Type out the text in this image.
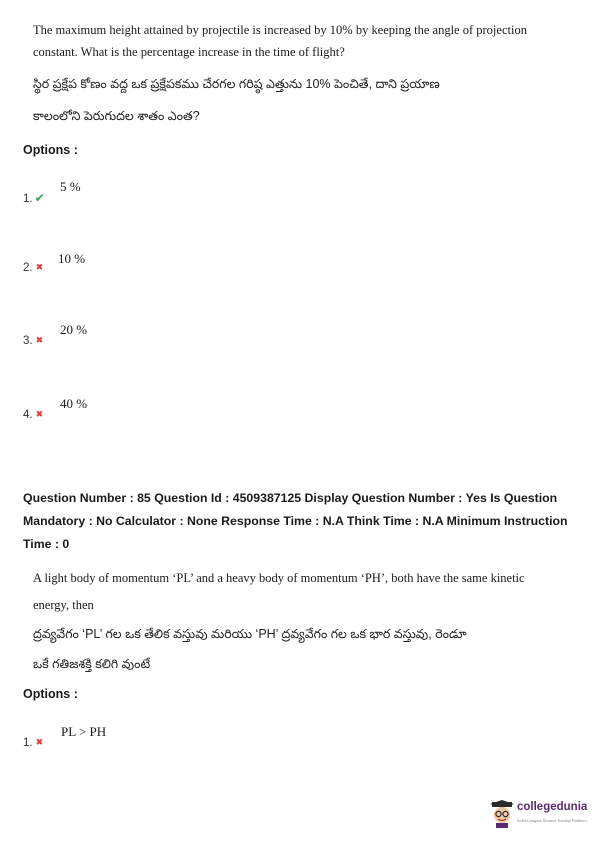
The maximum height attained by projectile is increased by 10% by keeping the angle of projection
constant. What is the percentage increase in the time of flight?
స్థిర ప్రక్షేప కోణం వద్ద ఒక ప్రక్షేపకము చేరగల గరిష్ఠ ఎత్తును 10% పెంచితే, దాని ప్రయాణ
కాలంలోని పెరుగుదల శాతం ఎంత?
Options :
1. ✔
5 %
2. ✖
10 %
3. ✖
20 %
4. ✖
40 %
Question Number : 85 Question Id : 4509387125 Display Question Number : Yes Is Question
Mandatory : No Calculator : None Response Time : N.A Think Time : N.A Minimum Instruction
Time : 0
A light body of momentum ‘PL’ and a heavy body of momentum ‘PH’, both have the same kinetic
energy, then
ద్రవ్యవేగం ‘PL’ గల ఒక తేలిక వస్తువు మరియు ‘PH’ ద్రవ్యవేగం గల ఒక భార వస్తువు, రెండూ
ఒకే గతిజశక్తి కలిగి వుంటే
Options :
1. ✖
PL > PH
collegedunia
India's largest Student Review Platform
